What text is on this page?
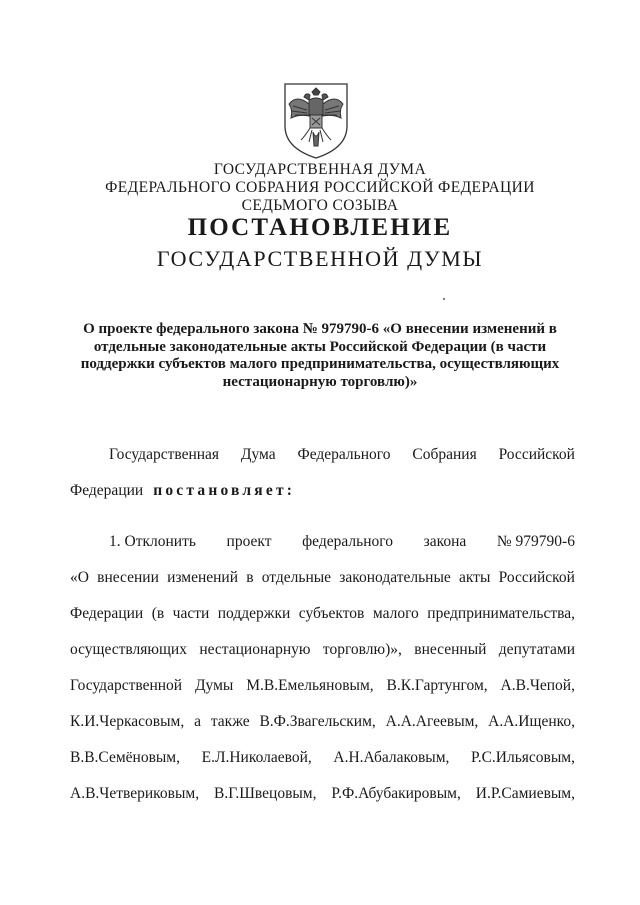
ГОСУДАРСТВЕННАЯ ДУМА
ФЕДЕРАЛЬНОГО СОБРАНИЯ РОССИЙСКОЙ ФЕДЕРАЦИИ
СЕДЬМОГО СОЗЫВА
ПОСТАНОВЛЕНИЕ
ГОСУДАРСТВЕННОЙ ДУМЫ
О проекте федерального закона № 979790-6 «О внесении изменений в отдельные законодательные акты Российской Федерации (в части поддержки субъектов малого предпринимательства, осуществляющих нестационарную торговлю)»
Государственная Дума Федерального Собрания Российской
Федерации постановляет:
1. Отклонить проект федерального закона № 979790-6
«О внесении изменений в отдельные законодательные акты Российской
Федерации (в части поддержки субъектов малого предпринимательства,
осуществляющих нестационарную торговлю)», внесенный депутатами
Государственной Думы М.В.Емельяновым, В.К.Гартунгом, А.В.Чепой,
К.И.Черкасовым, а также В.Ф.Звагельским, А.А.Агеевым, А.А.Ищенко,
В.В.Семёновым, Е.Л.Николаевой, А.Н.Абалаковым, Р.С.Ильясовым,
А.В.Четвериковым, В.Г.Швецовым, Р.Ф.Абубакировым, И.Р.Самиевым,
